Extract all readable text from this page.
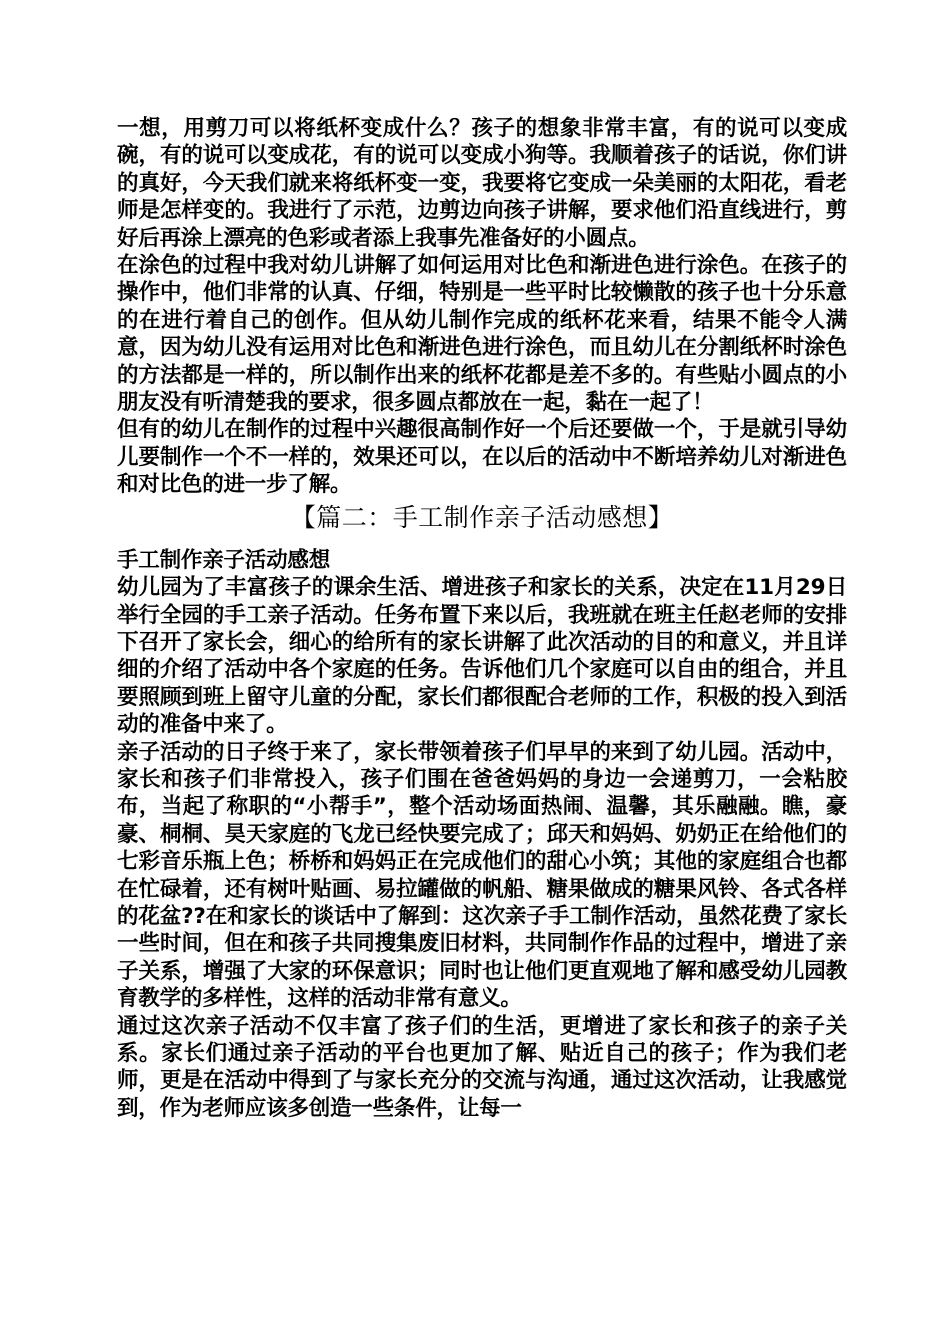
一想，用剪刀可以将纸杯变成什么？孩子的想象非常丰富，有的说可以变成碗，有的说可以变成花，有的说可以变成小狗等。我顺着孩子的话说，你们讲的真好，今天我们就来将纸杯变一变，我要将它变成一朵美丽的太阳花，看老师是怎样变的。我进行了示范，边剪边向孩子讲解，要求他们沿直线进行，剪好后再涂上漂亮的色彩或者添上我事先准备好的小圆点。

在涂色的过程中我对幼儿讲解了如何运用对比色和渐进色进行涂色。在孩子的操作中，他们非常的认真、仔细，特别是一些平时比较懒散的孩子也十分乐意的在进行着自己的创作。但从幼儿制作完成的纸杯花来看，结果不能令人满意，因为幼儿没有运用对比色和渐进色进行涂色，而且幼儿在分割纸杯时涂色的方法都是一样的，所以制作出来的纸杯花都是差不多的。有些贴小圆点的小朋友没有听清楚我的要求，很多圆点都放在一起，黏在一起了！

但有的幼儿在制作的过程中兴趣很高制作好一个后还要做一个，于是就引导幼儿要制作一个不一样的，效果还可以，在以后的活动中不断培养幼儿对渐进色和对比色的进一步了解。

【篇二：手工制作亲子活动感想】
手工制作亲子活动感想

幼儿园为了丰富孩子的课余生活、增进孩子和家长的关系，决定在11月29日举行全园的手工亲子活动。任务布置下来以后，我班就在班主任赵老师的安排下召开了家长会，细心的给所有的家长讲解了此次活动的目的和意义，并且详细的介绍了活动中各个家庭的任务。告诉他们几个家庭可以自由的组合，并且要照顾到班上留守儿童的分配，家长们都很配合老师的工作，积极的投入到活动的准备中来了。

亲子活动的日子终于来了，家长带领着孩子们早早的来到了幼儿园。活动中，家长和孩子们非常投入，孩子们围在爸爸妈妈的身边一会递剪刀，一会粘胶布，当起了称职的“小帮手”，整个活动场面热闹、温馨，其乐融融。瞧，豪豪、桐桐、昊天家庭的飞龙已经快要完成了；邱天和妈妈、奶奶正在给他们的七彩音乐瓶上色；桥桥和妈妈正在完成他们的甜心小筑；其他的家庭组合也都在忙碌着，还有树叶贴画、易拉罐做的帆船、糖果做成的糖果风铃、各式各样的花盆??在和家长的谈话中了解到：这次亲子手工制作活动，虽然花费了家长一些时间，但在和孩子共同搜集废旧材料，共同制作作品的过程中，增进了亲子关系，增强了大家的环保意识；同时也让他们更直观地了解和感受幼儿园教育教学的多样性，这样的活动非常有意义。

通过这次亲子活动不仅丰富了孩子们的生活，更增进了家长和孩子的亲子关系。家长们通过亲子活动的平台也更加了解、贴近自己的孩子；作为我们老师，更是在活动中得到了与家长充分的交流与沟通，通过这次活动，让我感觉到，作为老师应该多创造一些条件，让每一
